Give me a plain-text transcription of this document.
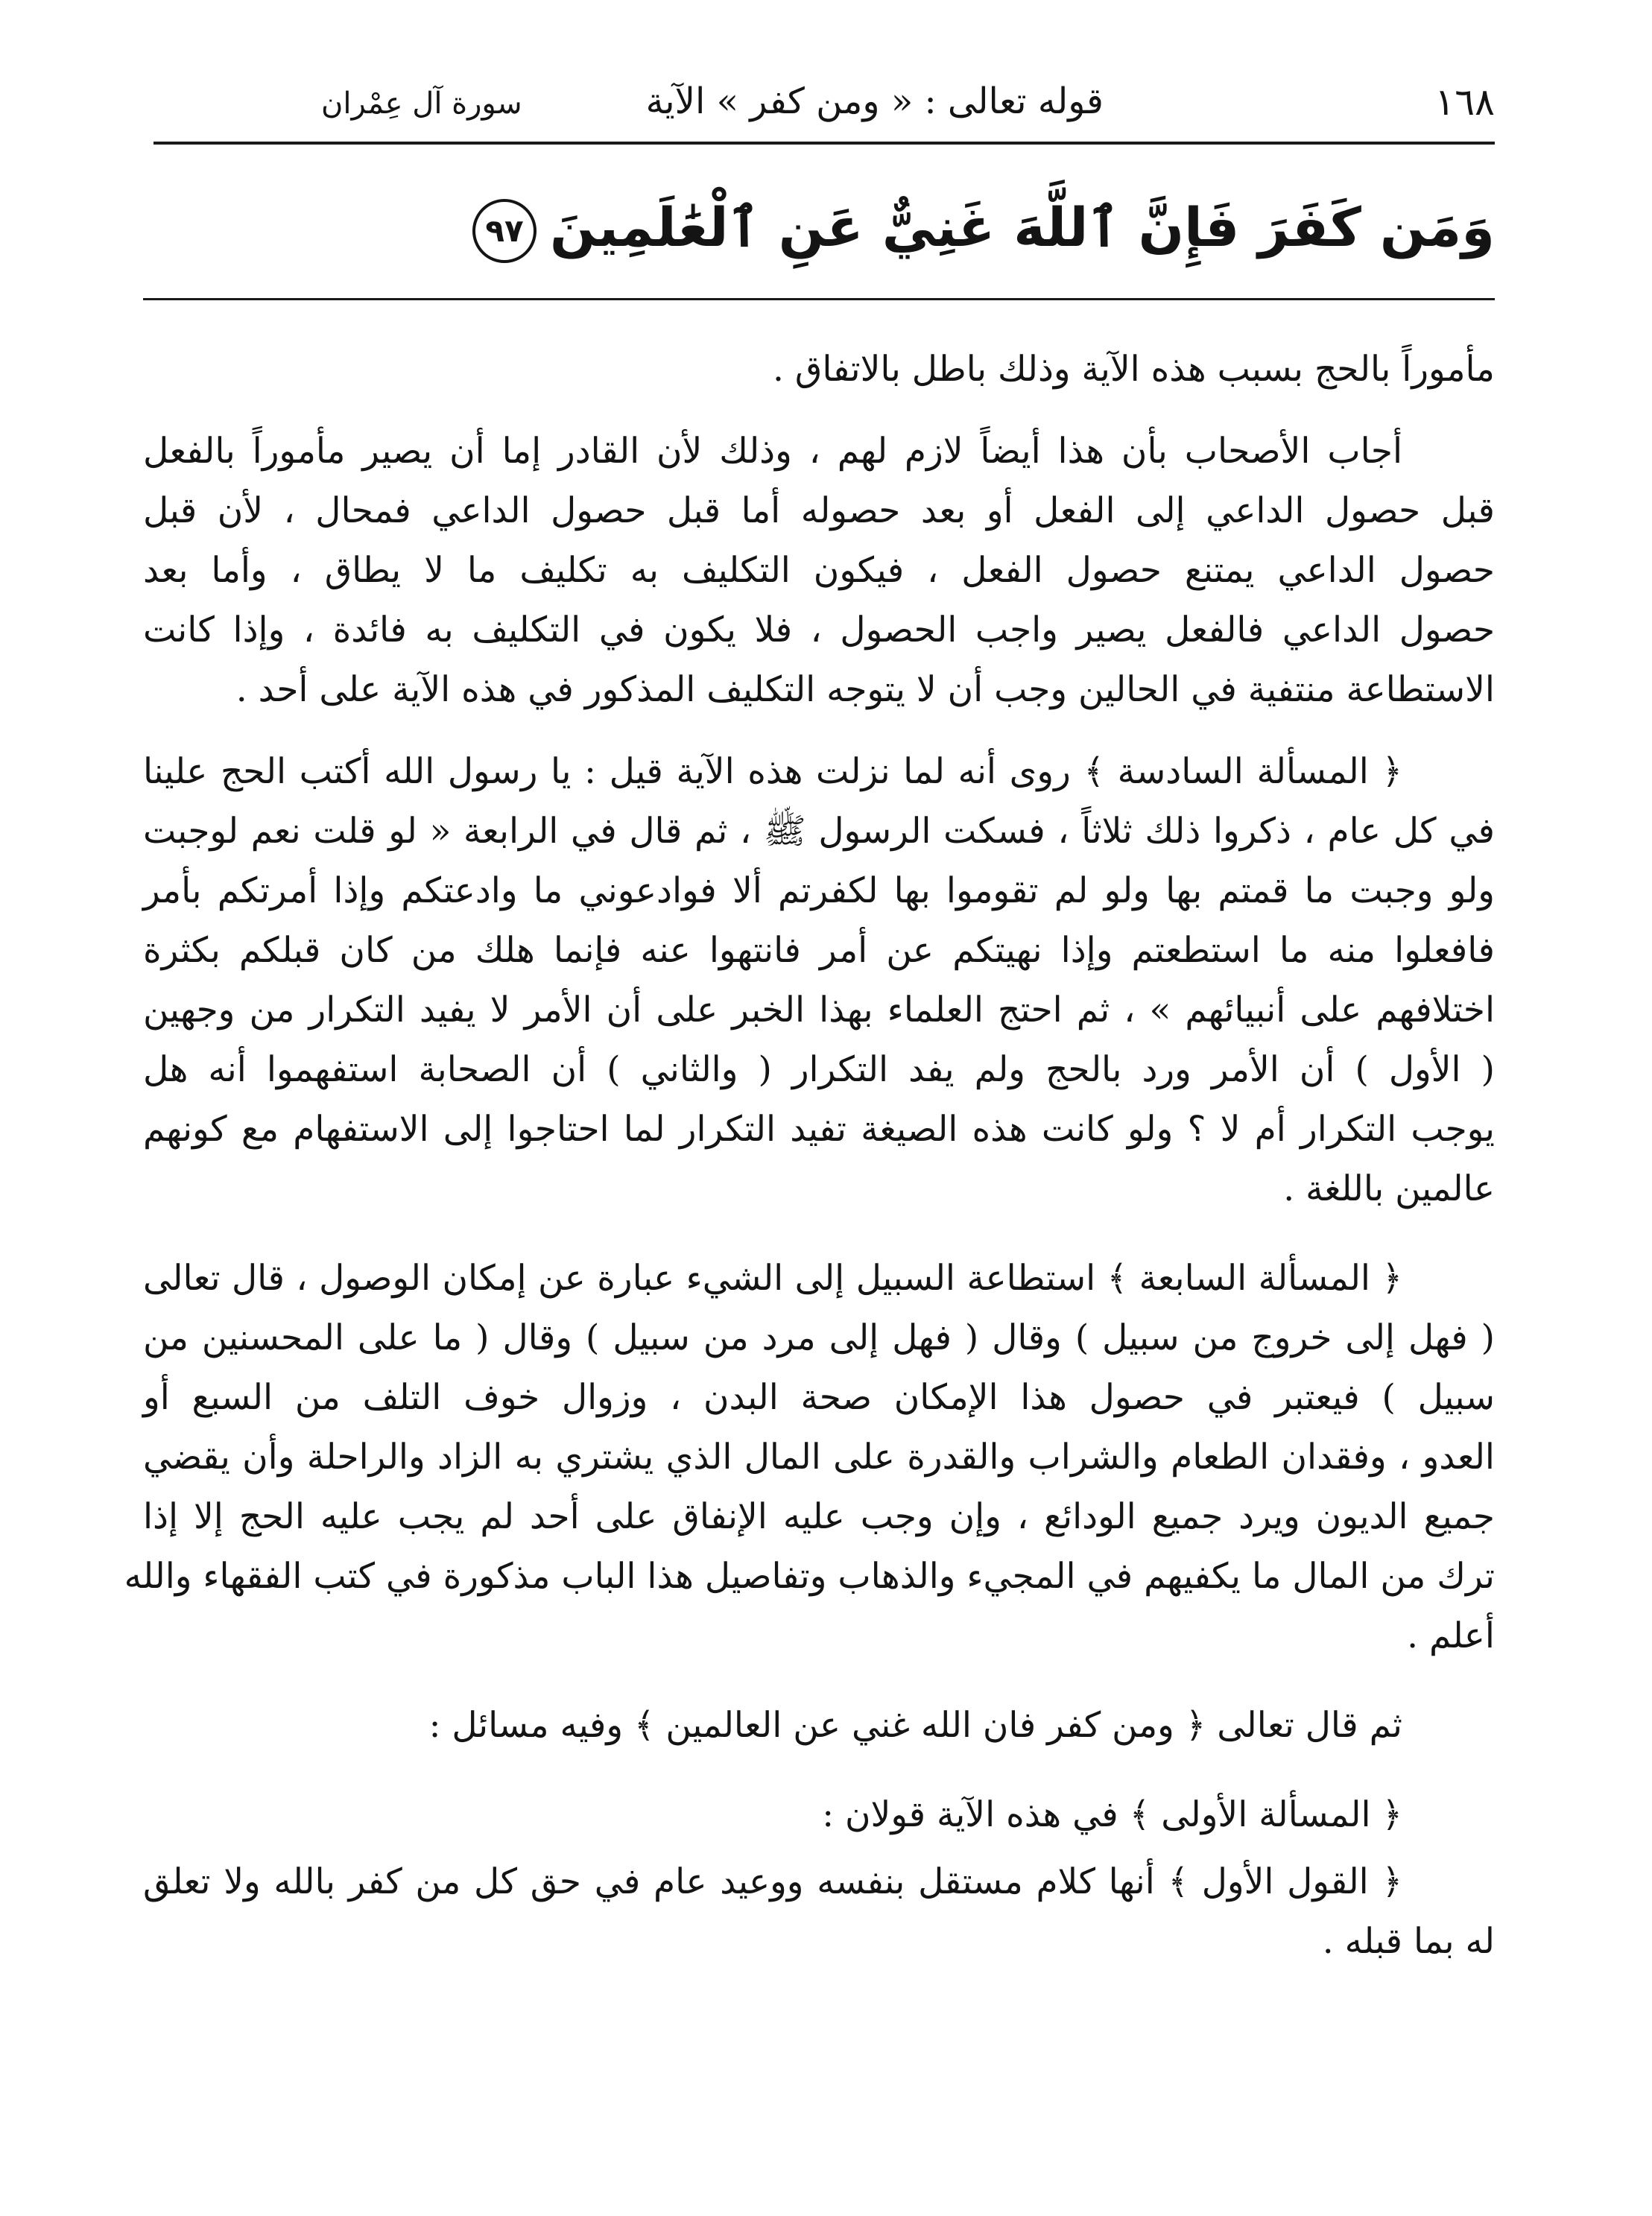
١٦٨
قوله تعالى : « ومن كفر » الآية
سورة آل عِمْران
وَمَن كَفَرَ فَإِنَّ ٱللَّهَ غَنِيٌّ عَنِ ٱلْعَٰلَمِينَ٩٧
مأموراً بالحج بسبب هذه الآية وذلك باطل بالاتفاق .
أجاب الأصحاب بأن هذا أيضاً لازم لهم ، وذلك لأن القادر إما أن يصير مأموراً بالفعل
قبل حصول الداعي إلى الفعل أو بعد حصوله أما قبل حصول الداعي فمحال ، لأن قبل
حصول الداعي يمتنع حصول الفعل ، فيكون التكليف به تكليف ما لا يطاق ، وأما بعد
حصول الداعي فالفعل يصير واجب الحصول ، فلا يكون في التكليف به فائدة ، وإذا كانت
الاستطاعة منتفية في الحالين وجب أن لا يتوجه التكليف المذكور في هذه الآية على أحد .
﴿ المسألة السادسة ﴾ روى أنه لما نزلت هذه الآية قيل : يا رسول الله أكتب الحج علينا
في كل عام ، ذكروا ذلك ثلاثاً ، فسكت الرسول ﷺ ، ثم قال في الرابعة « لو قلت نعم لوجبت
ولو وجبت ما قمتم بها ولو لم تقوموا بها لكفرتم ألا فوادعوني ما وادعتكم وإذا أمرتكم بأمر
فافعلوا منه ما استطعتم وإذا نهيتكم عن أمر فانتهوا عنه فإنما هلك من كان قبلكم بكثرة
اختلافهم على أنبيائهم » ، ثم احتج العلماء بهذا الخبر على أن الأمر لا يفيد التكرار من وجهين
( الأول ) أن الأمر ورد بالحج ولم يفد التكرار ( والثاني ) أن الصحابة استفهموا أنه هل
يوجب التكرار أم لا ؟ ولو كانت هذه الصيغة تفيد التكرار لما احتاجوا إلى الاستفهام مع كونهم
عالمين باللغة .
﴿ المسألة السابعة ﴾ استطاعة السبيل إلى الشيء عبارة عن إمكان الوصول ، قال تعالى
( فهل إلى خروج من سبيل ) وقال ( فهل إلى مرد من سبيل ) وقال ( ما على المحسنين من
سبيل ) فيعتبر في حصول هذا الإمكان صحة البدن ، وزوال خوف التلف من السبع أو
العدو ، وفقدان الطعام والشراب والقدرة على المال الذي يشتري به الزاد والراحلة وأن يقضي
جميع الديون ويرد جميع الودائع ، وإن وجب عليه الإنفاق على أحد لم يجب عليه الحج إلا إذا
ترك من المال ما يكفيهم في المجيء والذهاب وتفاصيل هذا الباب مذكورة في كتب الفقهاء والله
أعلم .
ثم قال تعالى ﴿ ومن كفر فان الله غني عن العالمين ﴾ وفيه مسائل :
﴿ المسألة الأولى ﴾ في هذه الآية قولان :
﴿ القول الأول ﴾ أنها كلام مستقل بنفسه ووعيد عام في حق كل من كفر بالله ولا تعلق
له بما قبله .
